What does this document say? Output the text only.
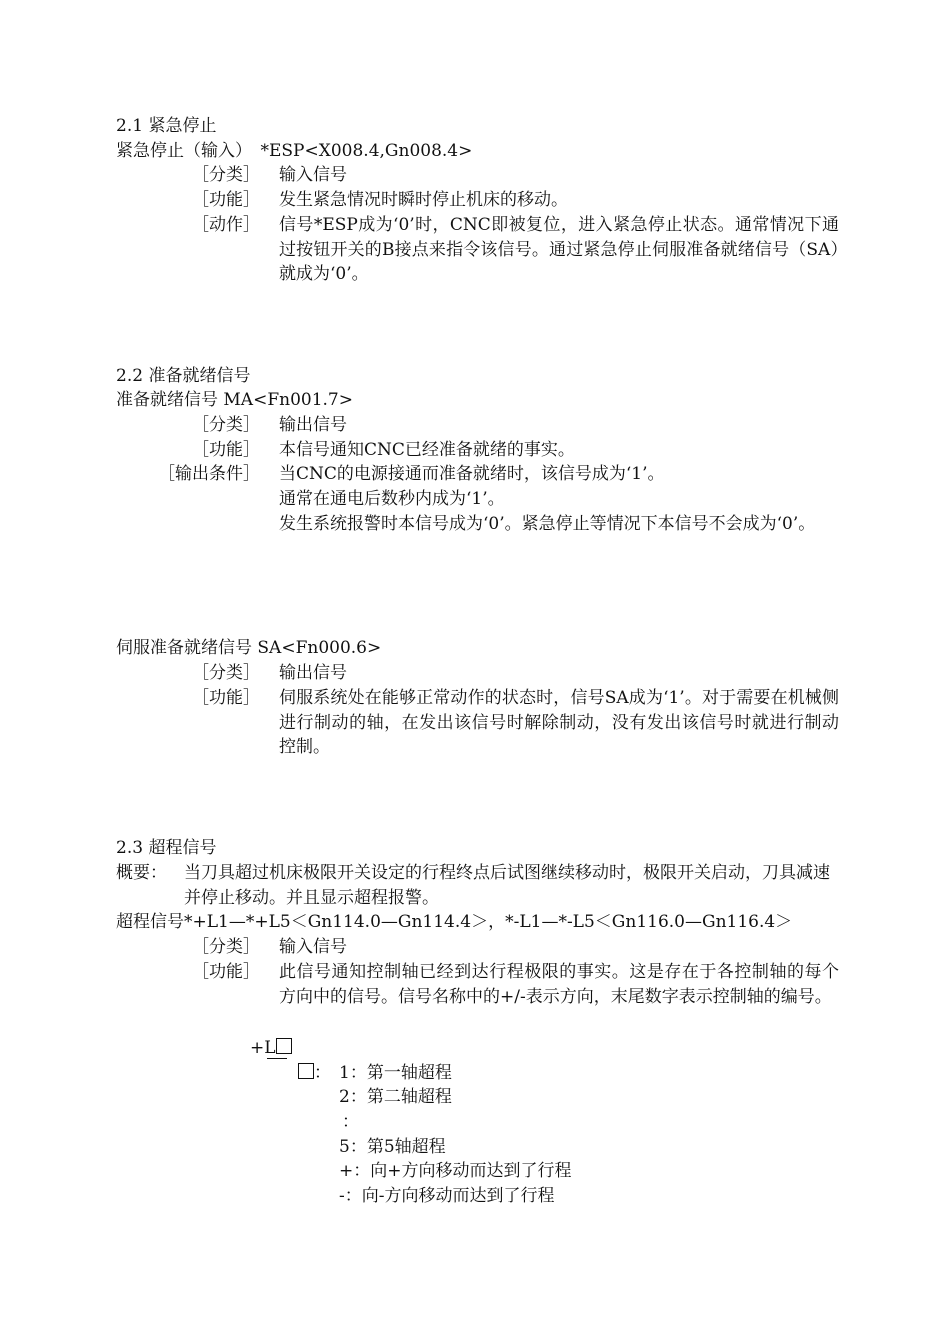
2.1 紧急停止
紧急停止（输入）　*ESP<X008.4,Gn008.4>
［分类］ 输入信号
［功能］ 发生紧急情况时瞬时停止机床的移动。
［动作］ 信号*ESP成为‘0’时，CNC即被复位，进入紧急停止状态。通常情况下通过按钮开关的B接点来指令该信号。通过紧急停止伺服准备就绪信号（SA）就成为‘0’。
2.2 准备就绪信号
准备就绪信号 MA<Fn001.7>
［分类］ 输出信号
［功能］ 本信号通知CNC已经准备就绪的事实。
［输出条件］ 当CNC的电源接通而准备就绪时，该信号成为‘1’。
通常在通电后数秒内成为‘1’。
发生系统报警时本信号成为‘0’。紧急停止等情况下本信号不会成为‘0’。
伺服准备就绪信号 SA<Fn000.6>
［分类］ 输出信号
［功能］ 伺服系统处在能够正常动作的状态时，信号SA成为‘1’。对于需要在机械侧进行制动的轴，在发出该信号时解除制动，没有发出该信号时就进行制动控制。
2.3 超程信号
概要： 当刀具超过机床极限开关设定的行程终点后试图继续移动时，极限开关启动，刀具减速并停止移动。并且显示超程报警。
超程信号*+L1—*+L5＜Gn114.0—Gn114.4＞，*-L1—*-L5＜Gn116.0—Gn116.4＞
［分类］ 输入信号
［功能］ 此信号通知控制轴已经到达行程极限的事实。这是存在于各控制轴的每个方向中的信号。信号名称中的+/-表示方向，末尾数字表示控制轴的编号。
+L
： 1：第一轴超程
2：第二轴超程
：
5：第5轴超程
+：向+方向移动而达到了行程
-：向-方向移动而达到了行程
